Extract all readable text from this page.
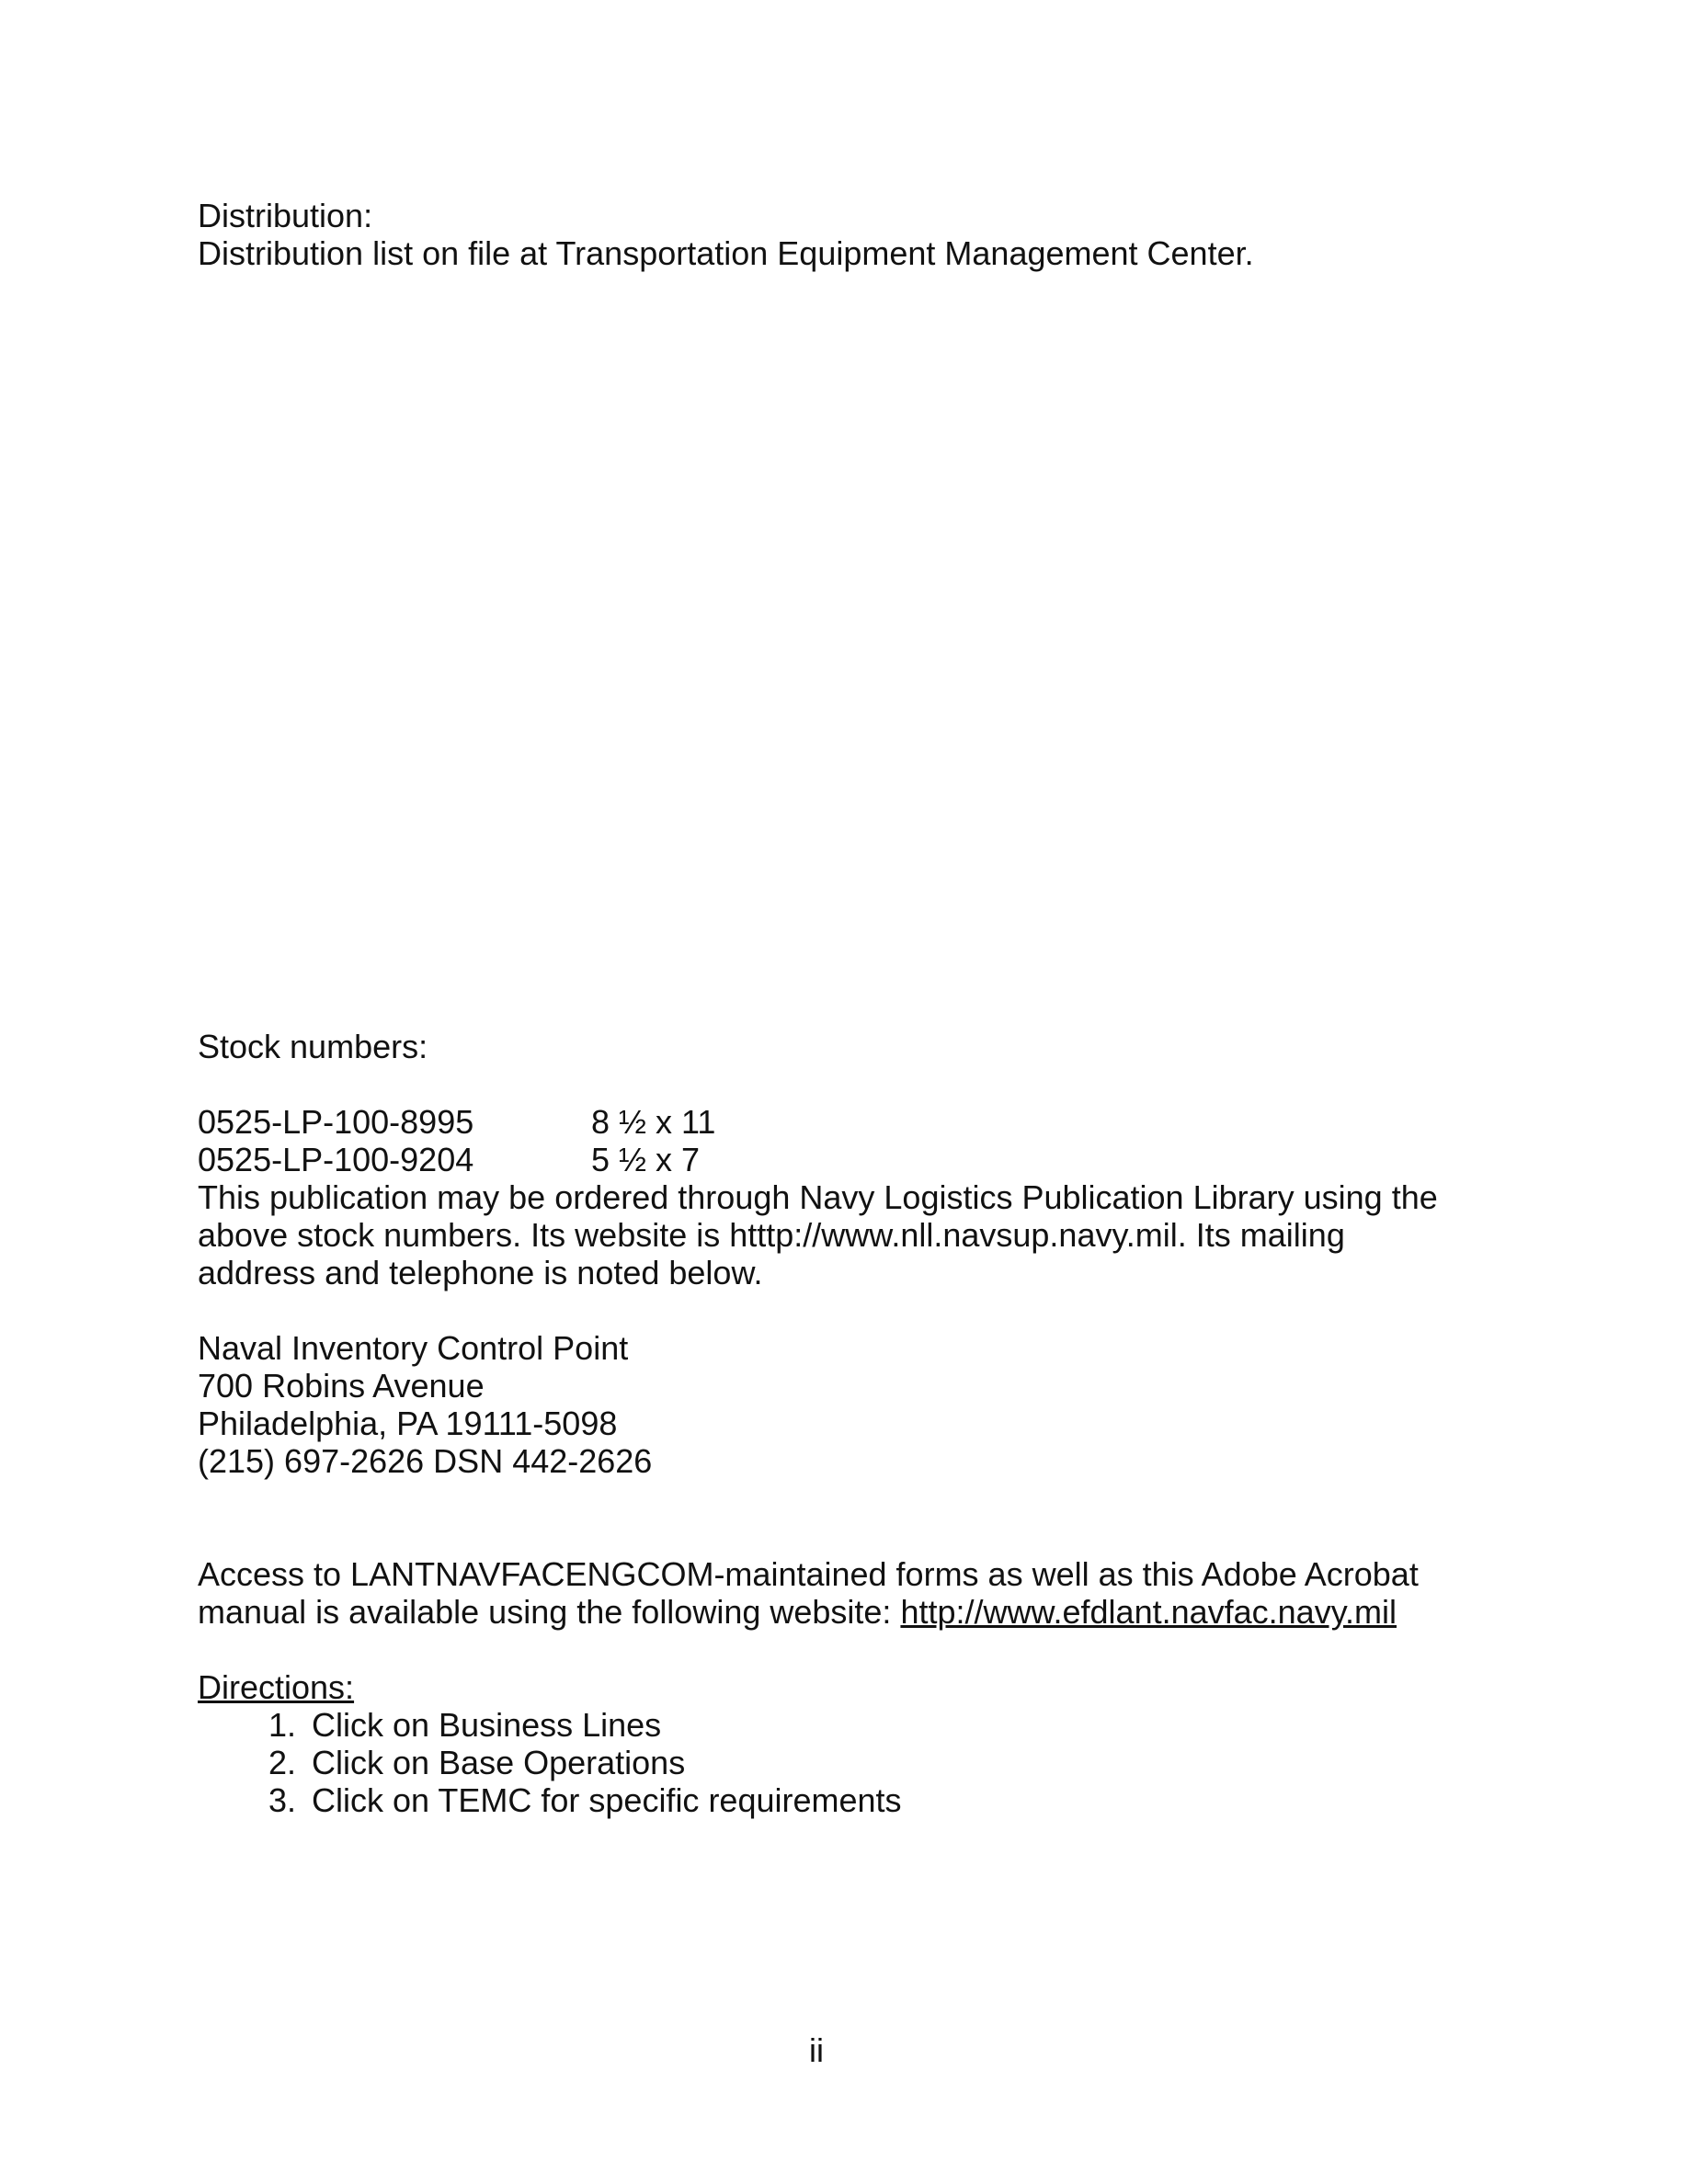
Distribution:
Distribution list on file at Transportation Equipment Management Center.
Stock numbers:
0525-LP-100-8995	8 ½ x 11
0525-LP-100-9204	5 ½ x 7
This publication may be ordered through Navy Logistics Publication Library using the
above stock numbers. Its website is htttp://www.nll.navsup.navy.mil. Its mailing
address and telephone is noted below.
Naval Inventory Control Point
700 Robins Avenue
Philadelphia, PA 19111-5098
(215) 697-2626 DSN 442-2626
Access to LANTNAVFACENGCOM-maintained forms as well as this Adobe Acrobat
manual is available using the following website: http://www.efdlant.navfac.navy.mil
Directions:
1. Click on Business Lines
2. Click on Base Operations
3. Click on TEMC for specific requirements
ii
